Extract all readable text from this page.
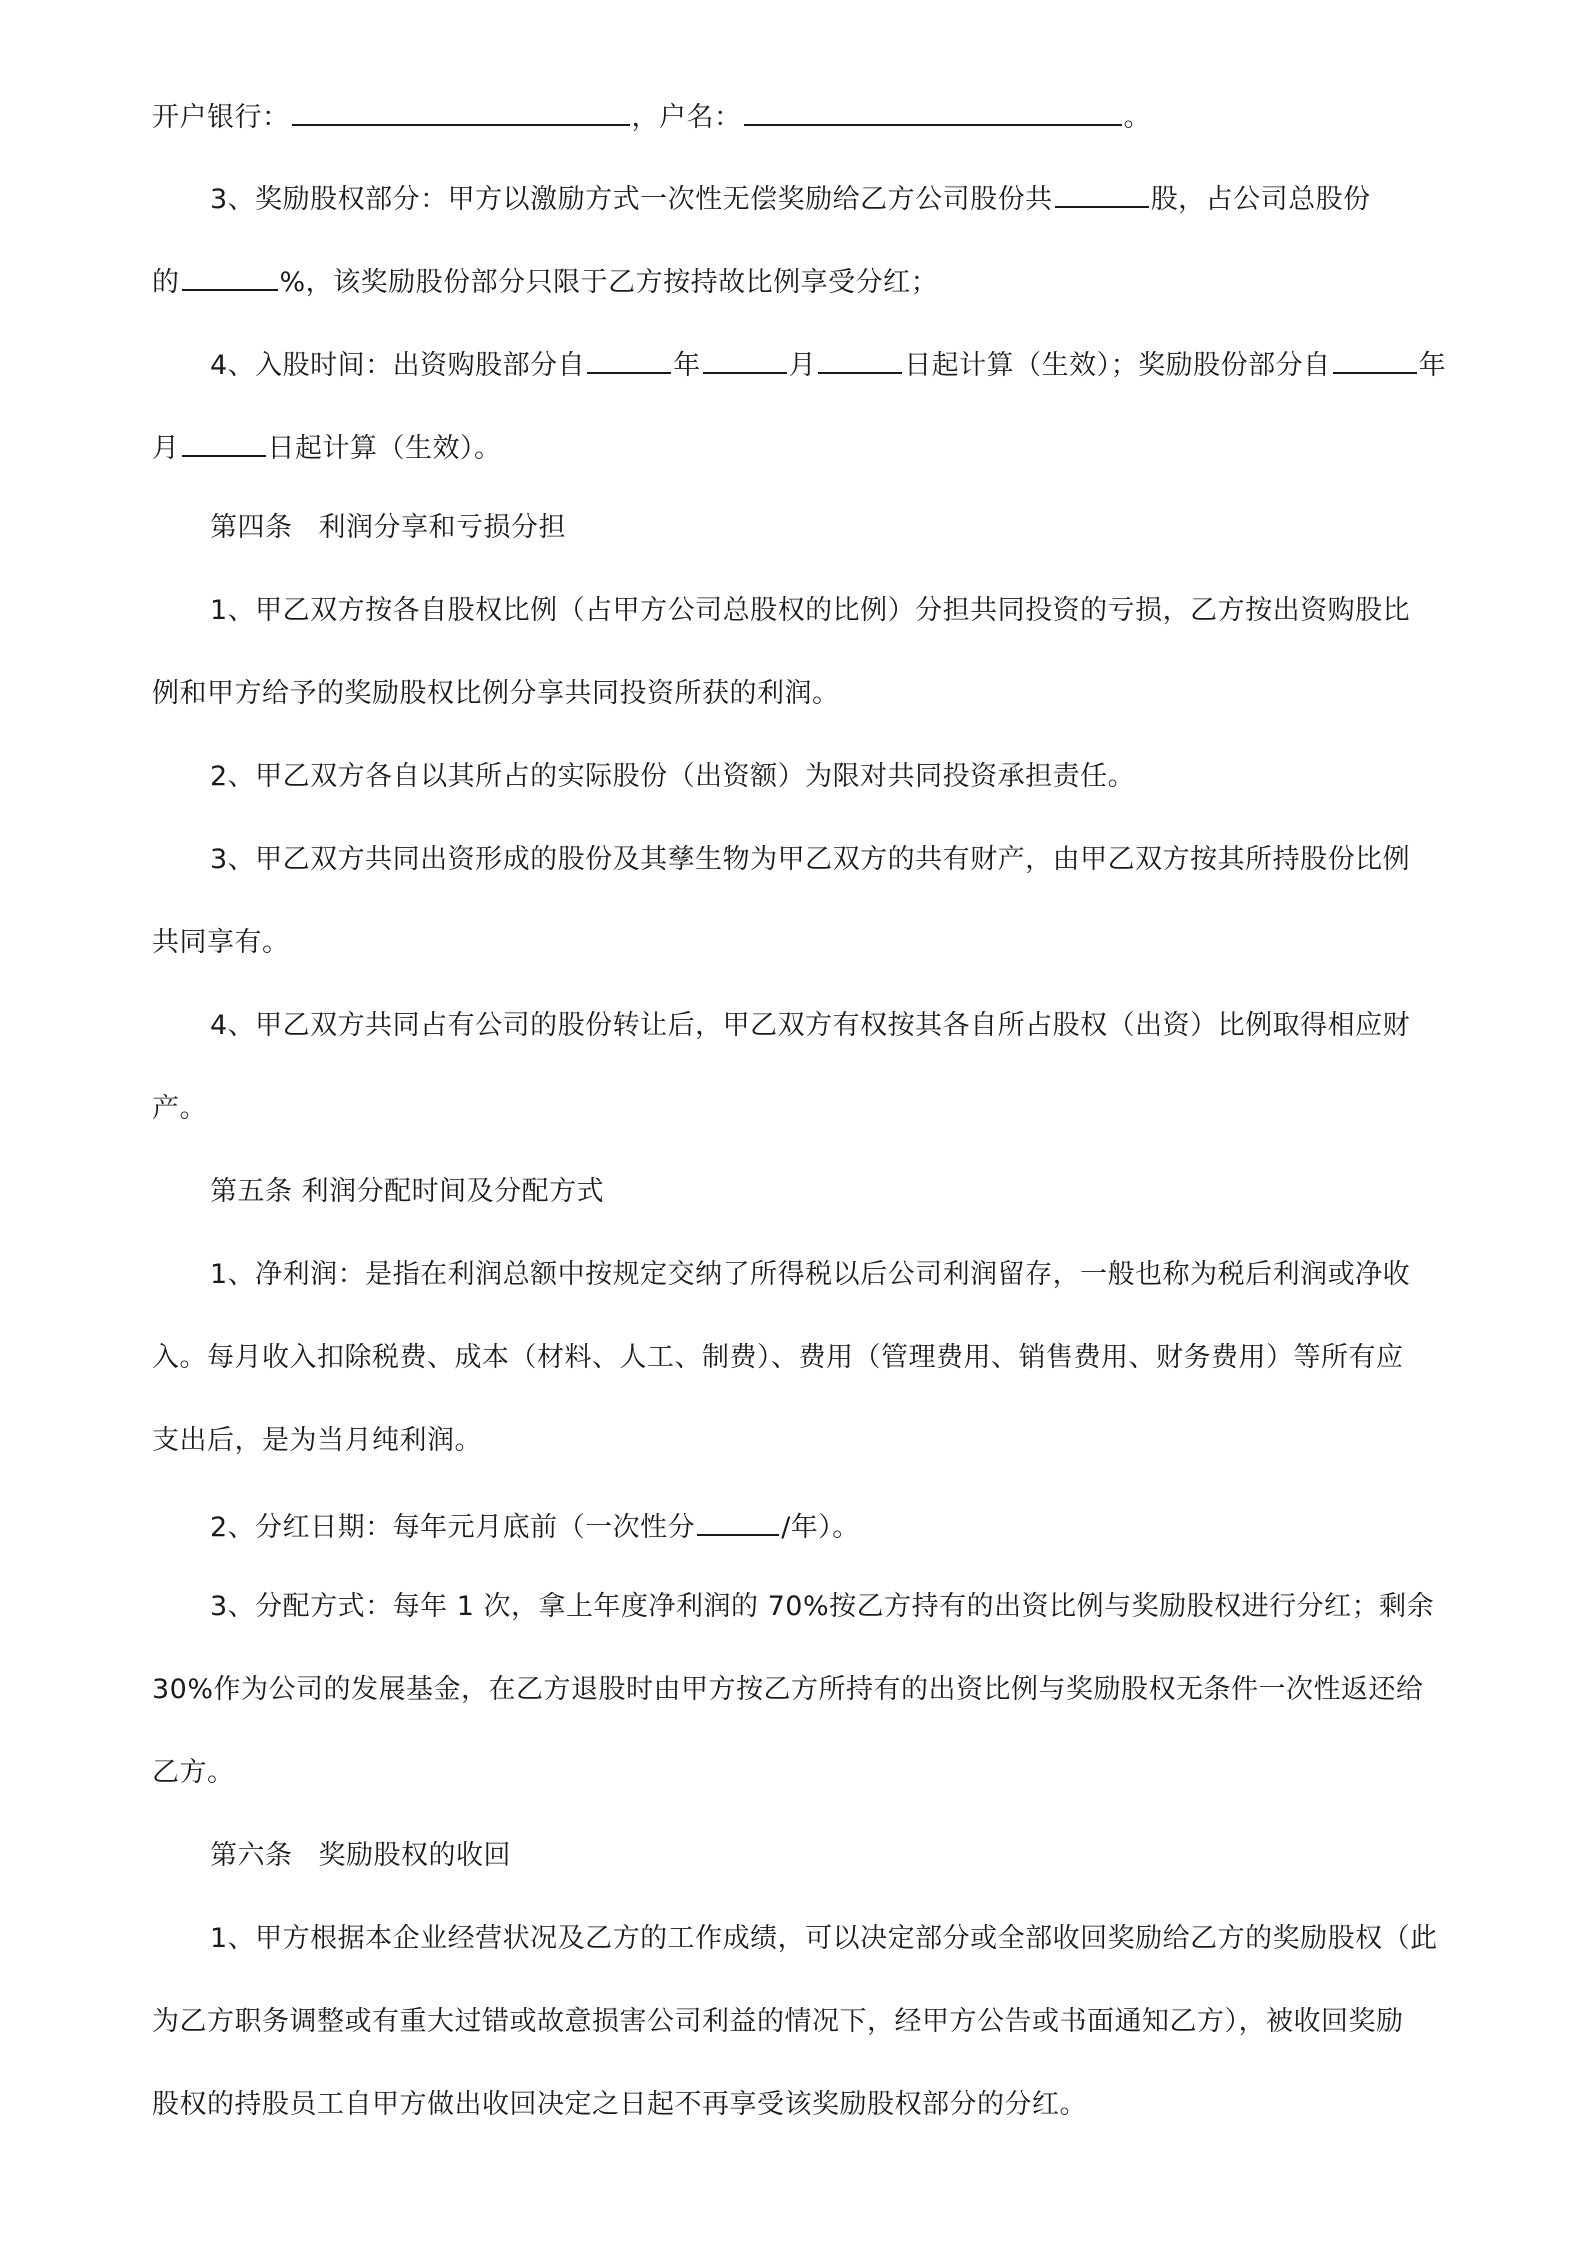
开户银行：	，户名：	。
3、奖励股权部分：甲方以激励方式一次性无偿奖励给乙方公司股份共	股，占公司总股份
的	%，该奖励股份部分只限于乙方按持故比例享受分红；
4、入股时间：出资购股部分自	年	月	日起计算（生效）；奖励股份部分自	年
月	日起计算（生效）。
第四条 利润分享和亏损分担
1、甲乙双方按各自股权比例（占甲方公司总股权的比例）分担共同投资的亏损，乙方按出资购股比
例和甲方给予的奖励股权比例分享共同投资所获的利润。
2、甲乙双方各自以其所占的实际股份（出资额）为限对共同投资承担责任。
3、甲乙双方共同出资形成的股份及其孳生物为甲乙双方的共有财产，由甲乙双方按其所持股份比例
共同享有。
4、甲乙双方共同占有公司的股份转让后，甲乙双方有权按其各自所占股权（出资）比例取得相应财
产。
第五条 利润分配时间及分配方式
1、净利润：是指在利润总额中按规定交纳了所得税以后公司利润留存，一般也称为税后利润或净收
入。每月收入扣除税费、成本（材料、人工、制费）、费用（管理费用、销售费用、财务费用）等所有应
支出后，是为当月纯利润。
2、分红日期：每年元月底前（一次性分	/年）。
3、分配方式：每年 1 次，拿上年度净利润的 70%按乙方持有的出资比例与奖励股权进行分红；剩余
30%作为公司的发展基金，在乙方退股时由甲方按乙方所持有的出资比例与奖励股权无条件一次性返还给
乙方。
第六条 奖励股权的收回
1、甲方根据本企业经营状况及乙方的工作成绩，可以决定部分或全部收回奖励给乙方的奖励股权（此
为乙方职务调整或有重大过错或故意损害公司利益的情况下，经甲方公告或书面通知乙方），被收回奖励
股权的持股员工自甲方做出收回决定之日起不再享受该奖励股权部分的分红。
